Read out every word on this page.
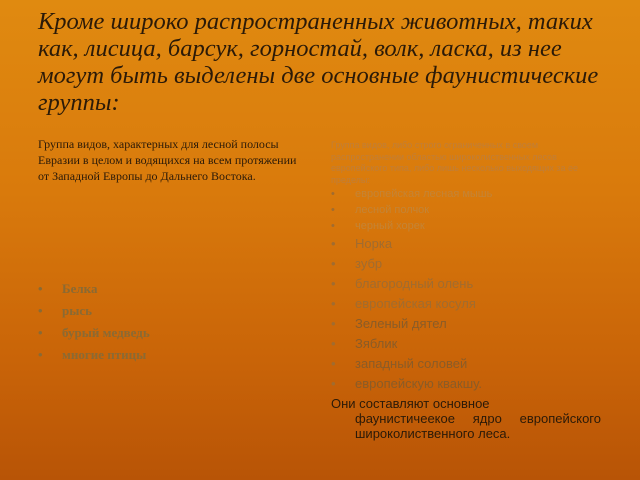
Кроме широко распространенных животных, таких как, лисица, барсук, горностай, волк, ласка, из нее могут быть выделены две основные фаунистические группы:
Группа видов, характерных для лесной полосы Евразии в целом и водящихся на всем протяжении от Западной Европы до Дальнего Востока.
• Белка
• рысь
• бурый медведь
• многие птицы
Группа видов, либо строго ограниченных в своем распространении областью широколиственных лесов европейского типа, либо лишь несколько выходящих за ее пределы:
• европейская лесная мышь
• лесной полчок
• черный хорек
• Норка
• зубр
• благородный олень
• европейская косуля
• Зеленый дятел
• Зяблик
• западный соловей
• европейскую квакшу.
Они составляют основное
фаунистичеекое ядро европейского широколиственного леса.
